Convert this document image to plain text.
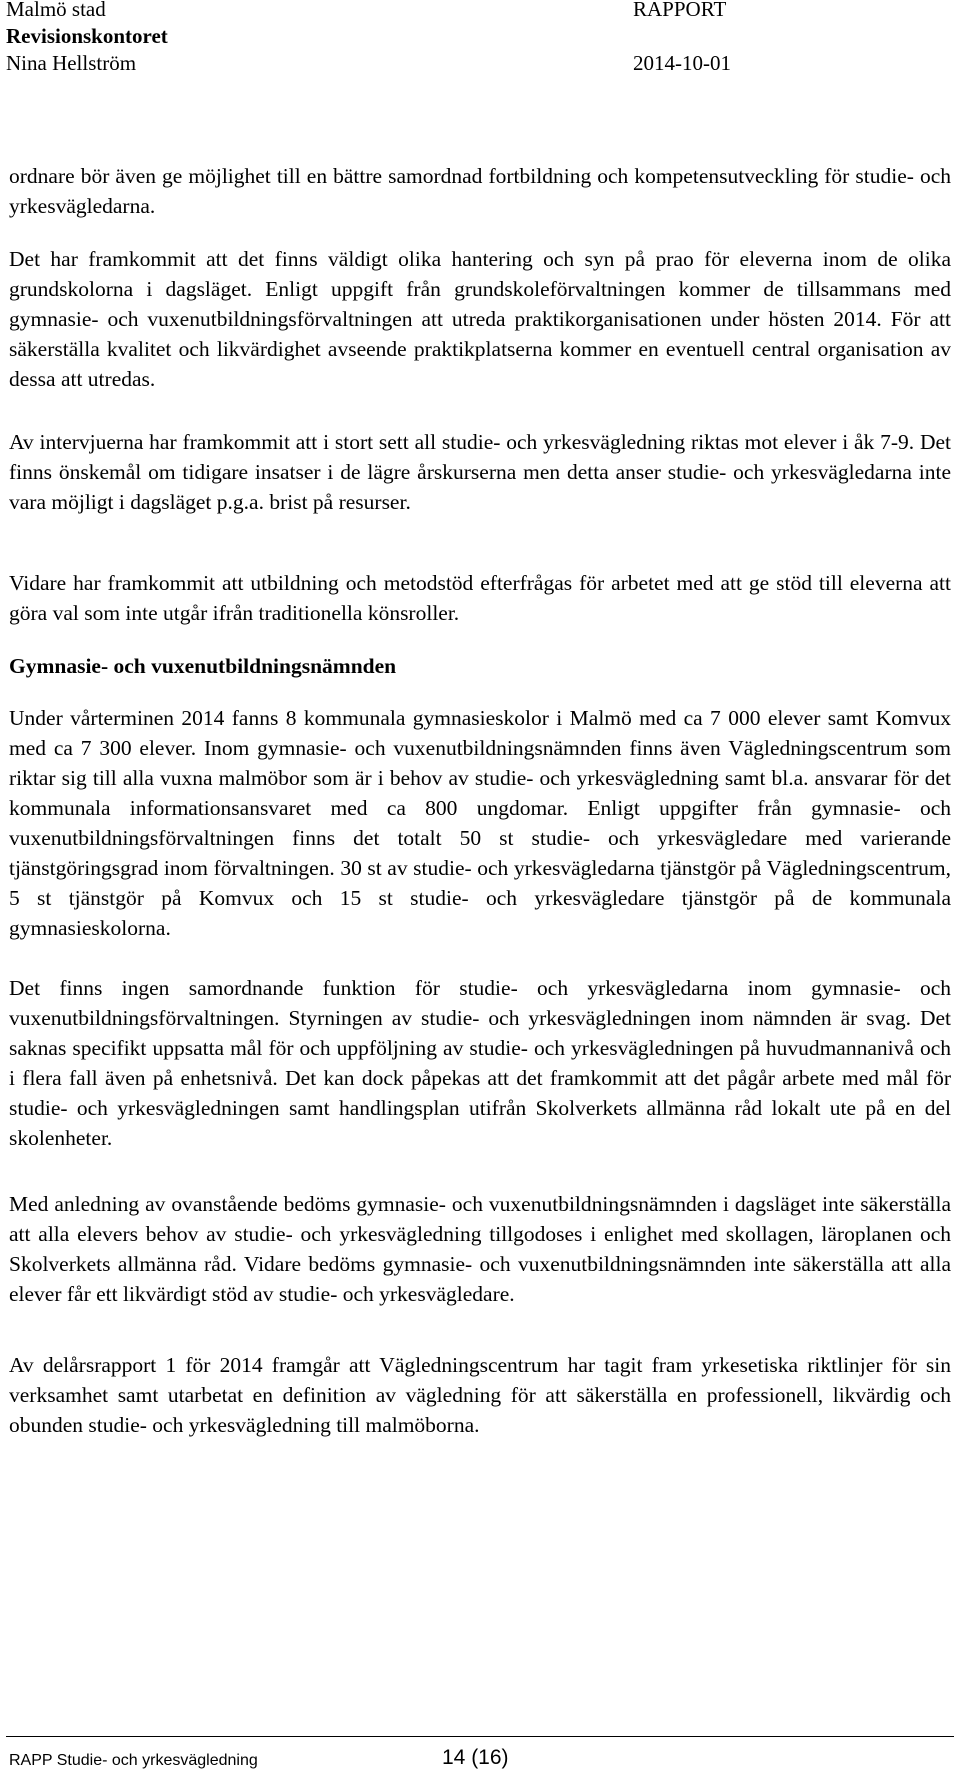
Malmö stad
Revisionskontoret
Nina Hellström
RAPPORT
2014-10-01

ordnare bör även ge möjlighet till en bättre samordnad fortbildning och kompetensutveckling för studie- och yrkesvägledarna.

Det har framkommit att det finns väldigt olika hantering och syn på prao för eleverna inom de olika grundskolorna i dagsläget. Enligt uppgift från grundskoleförvaltningen kommer de tillsammans med gymnasie- och vuxenutbildningsförvaltningen att utreda praktikorganisationen under hösten 2014. För att säkerställa kvalitet och likvärdighet avseende praktikplatserna kommer en eventuell central organisation av dessa att utredas.

Av intervjuerna har framkommit att i stort sett all studie- och yrkesvägledning riktas mot elever i åk 7-9. Det finns önskemål om tidigare insatser i de lägre årskurserna men detta anser studie- och yrkesvägledarna inte vara möjligt i dagsläget p.g.a. brist på resurser.

Vidare har framkommit att utbildning och metodstöd efterfrågas för arbetet med att ge stöd till eleverna att göra val som inte utgår ifrån traditionella könsroller.

Gymnasie- och vuxenutbildningsnämnden

Under vårterminen 2014 fanns 8 kommunala gymnasieskolor i Malmö med ca 7 000 elever samt Komvux med ca 7 300 elever. Inom gymnasie- och vuxenutbildningsnämnden finns även Vägledningscentrum som riktar sig till alla vuxna malmöbor som är i behov av studie- och yrkesvägledning samt bl.a. ansvarar för det kommunala informationsansvaret med ca 800 ungdomar. Enligt uppgifter från gymnasie- och vuxenutbildningsförvaltningen finns det totalt 50 st studie- och yrkesvägledare med varierande tjänstgöringsgrad inom förvaltningen. 30 st av studie- och yrkesvägledarna tjänstgör på Vägledningscentrum, 5 st tjänstgör på Komvux och 15 st studie- och yrkesvägledare tjänstgör på de kommunala gymnasieskolorna.

Det finns ingen samordnande funktion för studie- och yrkesvägledarna inom gymnasie- och vuxenutbildningsförvaltningen. Styrningen av studie- och yrkesvägledningen inom nämnden är svag. Det saknas specifikt uppsatta mål för och uppföljning av studie- och yrkesvägledningen på huvudmannanivå och i flera fall även på enhetsnivå. Det kan dock påpekas att det framkommit att det pågår arbete med mål för studie- och yrkesvägledningen samt handlingsplan utifrån Skolverkets allmänna råd lokalt ute på en del skolenheter.

Med anledning av ovanstående bedöms gymnasie- och vuxenutbildningsnämnden i dagsläget inte säkerställa att alla elevers behov av studie- och yrkesvägledning tillgodoses i enlighet med skollagen, läroplanen och Skolverkets allmänna råd. Vidare bedöms gymnasie- och vuxenutbildningsnämnden inte säkerställa att alla elever får ett likvärdigt stöd av studie- och yrkesvägledare.

Av delårsrapport 1 för 2014 framgår att Vägledningscentrum har tagit fram yrkesetiska riktlinjer för sin verksamhet samt utarbetat en definition av vägledning för att säkerställa en professionell, likvärdig och obunden studie- och yrkesvägledning till malmöborna.

RAPP Studie- och yrkesvägledning	14 (16)
